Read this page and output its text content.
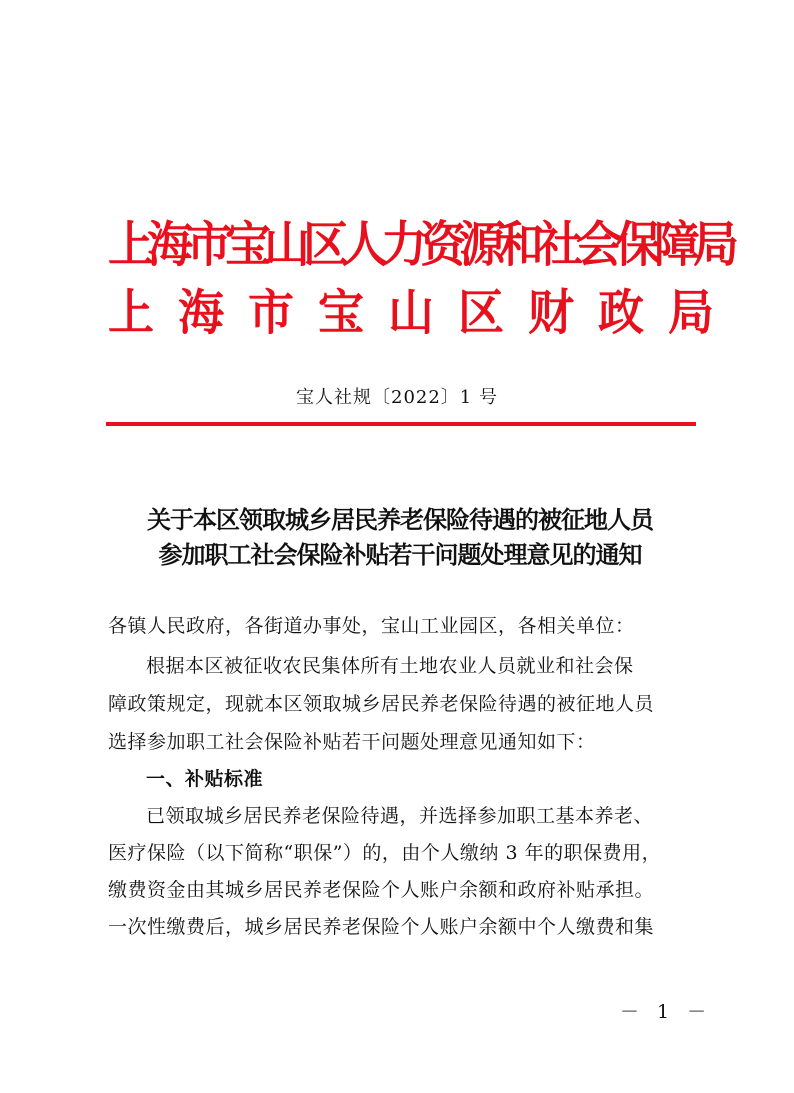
上海市宝山区人力资源和社会保障局
上海市宝山区财政局
宝人社规〔2022〕1 号
关于本区领取城乡居民养老保险待遇的被征地人员
参加职工社会保险补贴若干问题处理意见的通知
各镇人民政府，各街道办事处，宝山工业园区，各相关单位：
根据本区被征收农民集体所有土地农业人员就业和社会保
障政策规定，现就本区领取城乡居民养老保险待遇的被征地人员
选择参加职工社会保险补贴若干问题处理意见通知如下：
一、补贴标准
已领取城乡居民养老保险待遇，并选择参加职工基本养老、
医疗保险（以下简称“职保”）的，由个人缴纳 3 年的职保费用，
缴费资金由其城乡居民养老保险个人账户余额和政府补贴承担。
一次性缴费后，城乡居民养老保险个人账户余额中个人缴费和集
－ 1 －
